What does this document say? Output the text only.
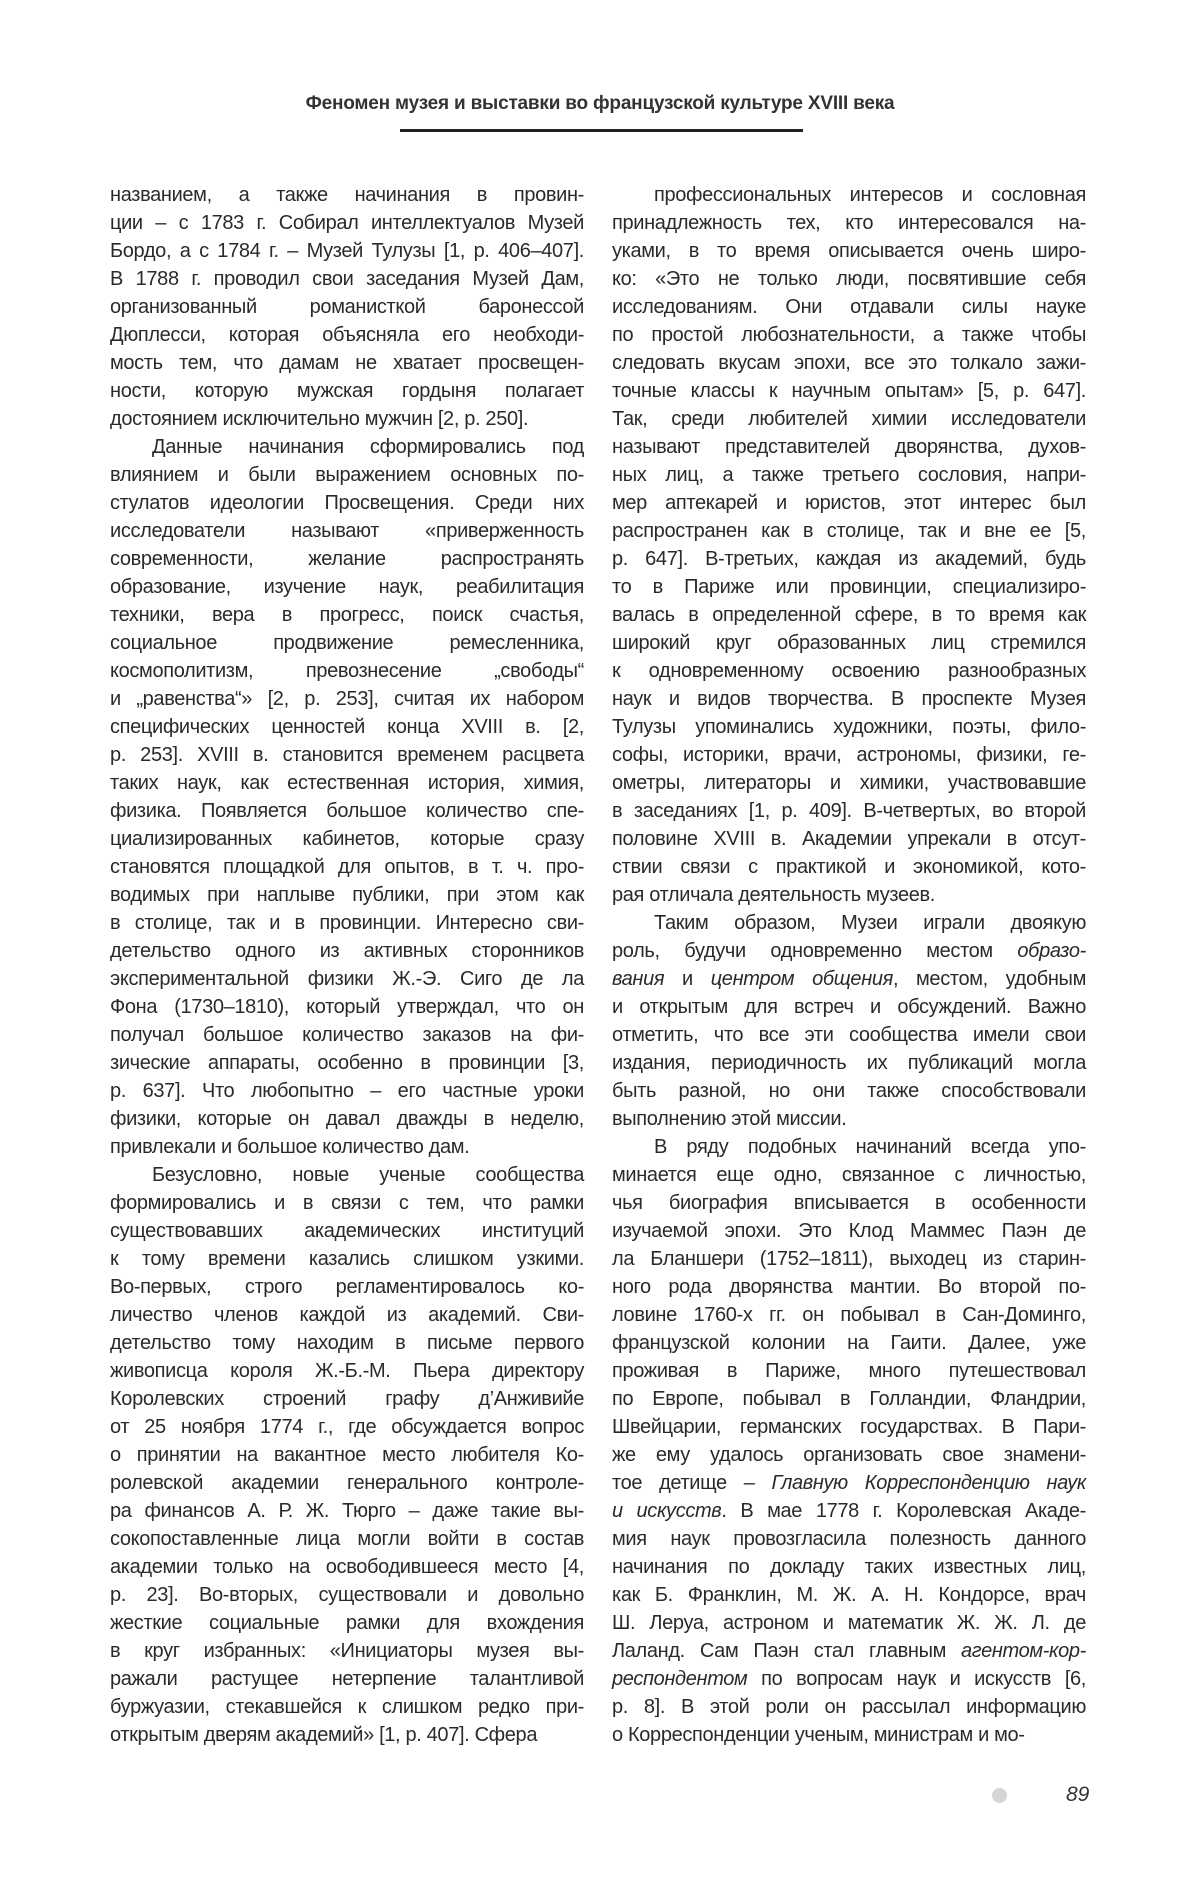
Феномен музея и выставки во французской культуре XVIII века
названием, а также начинания в провин-
ции – с 1783 г. Собирал интеллектуалов Музей
Бордо, а с 1784 г. – Музей Тулузы [1, p. 406–407].
В 1788 г. проводил свои заседания Музей Дам,
организованный романисткой баронессой
Дюплесси, которая объясняла его необходи-
мость тем, что дамам не хватает просвещен-
ности, которую мужская гордыня полагает
достоянием исключительно мужчин [2, p. 250].
Данные начинания сформировались под
влиянием и были выражением основных по-
стулатов идеологии Просвещения. Среди них
исследователи называют «приверженность
современности, желание распространять
образование, изучение наук, реабилитация
техники, вера в прогресс, поиск счастья,
социальное продвижение ремесленника,
космополитизм, превознесение „свободы“
и „равенства“» [2, p. 253], считая их набором
специфических ценностей конца XVIII в. [2,
p. 253]. XVIII в. становится временем расцвета
таких наук, как естественная история, химия,
физика. Появляется большое количество спе-
циализированных кабинетов, которые сразу
становятся площадкой для опытов, в т. ч. про-
водимых при наплыве публики, при этом как
в столице, так и в провинции. Интересно сви-
детельство одного из активных сторонников
экспериментальной физики Ж.-Э. Сиго де ла
Фона (1730–1810), который утверждал, что он
получал большое количество заказов на фи-
зические аппараты, особенно в провинции [3,
p. 637]. Что любопытно – его частные уроки
физики, которые он давал дважды в неделю,
привлекали и большое количество дам.
Безусловно, новые ученые сообщества
формировались и в связи с тем, что рамки
существовавших академических институций
к тому времени казались слишком узкими.
Во-первых, строго регламентировалось ко-
личество членов каждой из академий. Сви-
детельство тому находим в письме первого
живописца короля Ж.-Б.-М. Пьера директору
Королевских строений графу д’Анживийе
от 25 ноября 1774 г., где обсуждается вопрос
о принятии на вакантное место любителя Ко-
ролевской академии генерального контроле-
ра финансов А. Р. Ж. Тюрго – даже такие вы-
сокопоставленные лица могли войти в состав
академии только на освободившееся место [4,
p. 23]. Во-вторых, существовали и довольно
жесткие социальные рамки для вхождения
в круг избранных: «Инициаторы музея вы-
ражали растущее нетерпение талантливой
буржуазии, стекавшейся к слишком редко при-
открытым дверям академий» [1, p. 407]. Сфера
профессиональных интересов и сословная
принадлежность тех, кто интересовался на-
уками, в то время описывается очень широ-
ко: «Это не только люди, посвятившие себя
исследованиям. Они отдавали силы науке
по простой любознательности, а также чтобы
следовать вкусам эпохи, все это толкало зажи-
точные классы к научным опытам» [5, p. 647].
Так, среди любителей химии исследователи
называют представителей дворянства, духов-
ных лиц, а также третьего сословия, напри-
мер аптекарей и юристов, этот интерес был
распространен как в столице, так и вне ее [5,
p. 647]. В-третьих, каждая из академий, будь
то в Париже или провинции, специализиро-
валась в определенной сфере, в то время как
широкий круг образованных лиц стремился
к одновременному освоению разнообразных
наук и видов творчества. В проспекте Музея
Тулузы упоминались художники, поэты, фило-
софы, историки, врачи, астрономы, физики, ге-
ометры, литераторы и химики, участвовавшие
в заседаниях [1, p. 409]. В-четвертых, во второй
половине XVIII в. Академии упрекали в отсут-
ствии связи с практикой и экономикой, кото-
рая отличала деятельность музеев.
Таким образом, Музеи играли двоякую
роль, будучи одновременно местом образо-
вания и центром общения, местом, удобным
и открытым для встреч и обсуждений. Важно
отметить, что все эти сообщества имели свои
издания, периодичность их публикаций могла
быть разной, но они также способствовали
выполнению этой миссии.
В ряду подобных начинаний всегда упо-
минается еще одно, связанное с личностью,
чья биография вписывается в особенности
изучаемой эпохи. Это Клод Маммес Паэн де
ла Бланшери (1752–1811), выходец из старин-
ного рода дворянства мантии. Во второй по-
ловине 1760-х гг. он побывал в Сан-Доминго,
французской колонии на Гаити. Далее, уже
проживая в Париже, много путешествовал
по Европе, побывал в Голландии, Фландрии,
Швейцарии, германских государствах. В Пари-
же ему удалось организовать свое знамени-
тое детище – Главную Корреспонденцию наук
и искусств. В мае 1778 г. Королевская Акаде-
мия наук провозгласила полезность данного
начинания по докладу таких известных лиц,
как Б. Франклин, М. Ж. А. Н. Кондорсе, врач
Ш. Леруа, астроном и математик Ж. Ж. Л. де
Лаланд. Сам Паэн стал главным агентом-кор-
респондентом по вопросам наук и искусств [6,
p. 8]. В этой роли он рассылал информацию
о Корреспонденции ученым, министрам и мо-
89
